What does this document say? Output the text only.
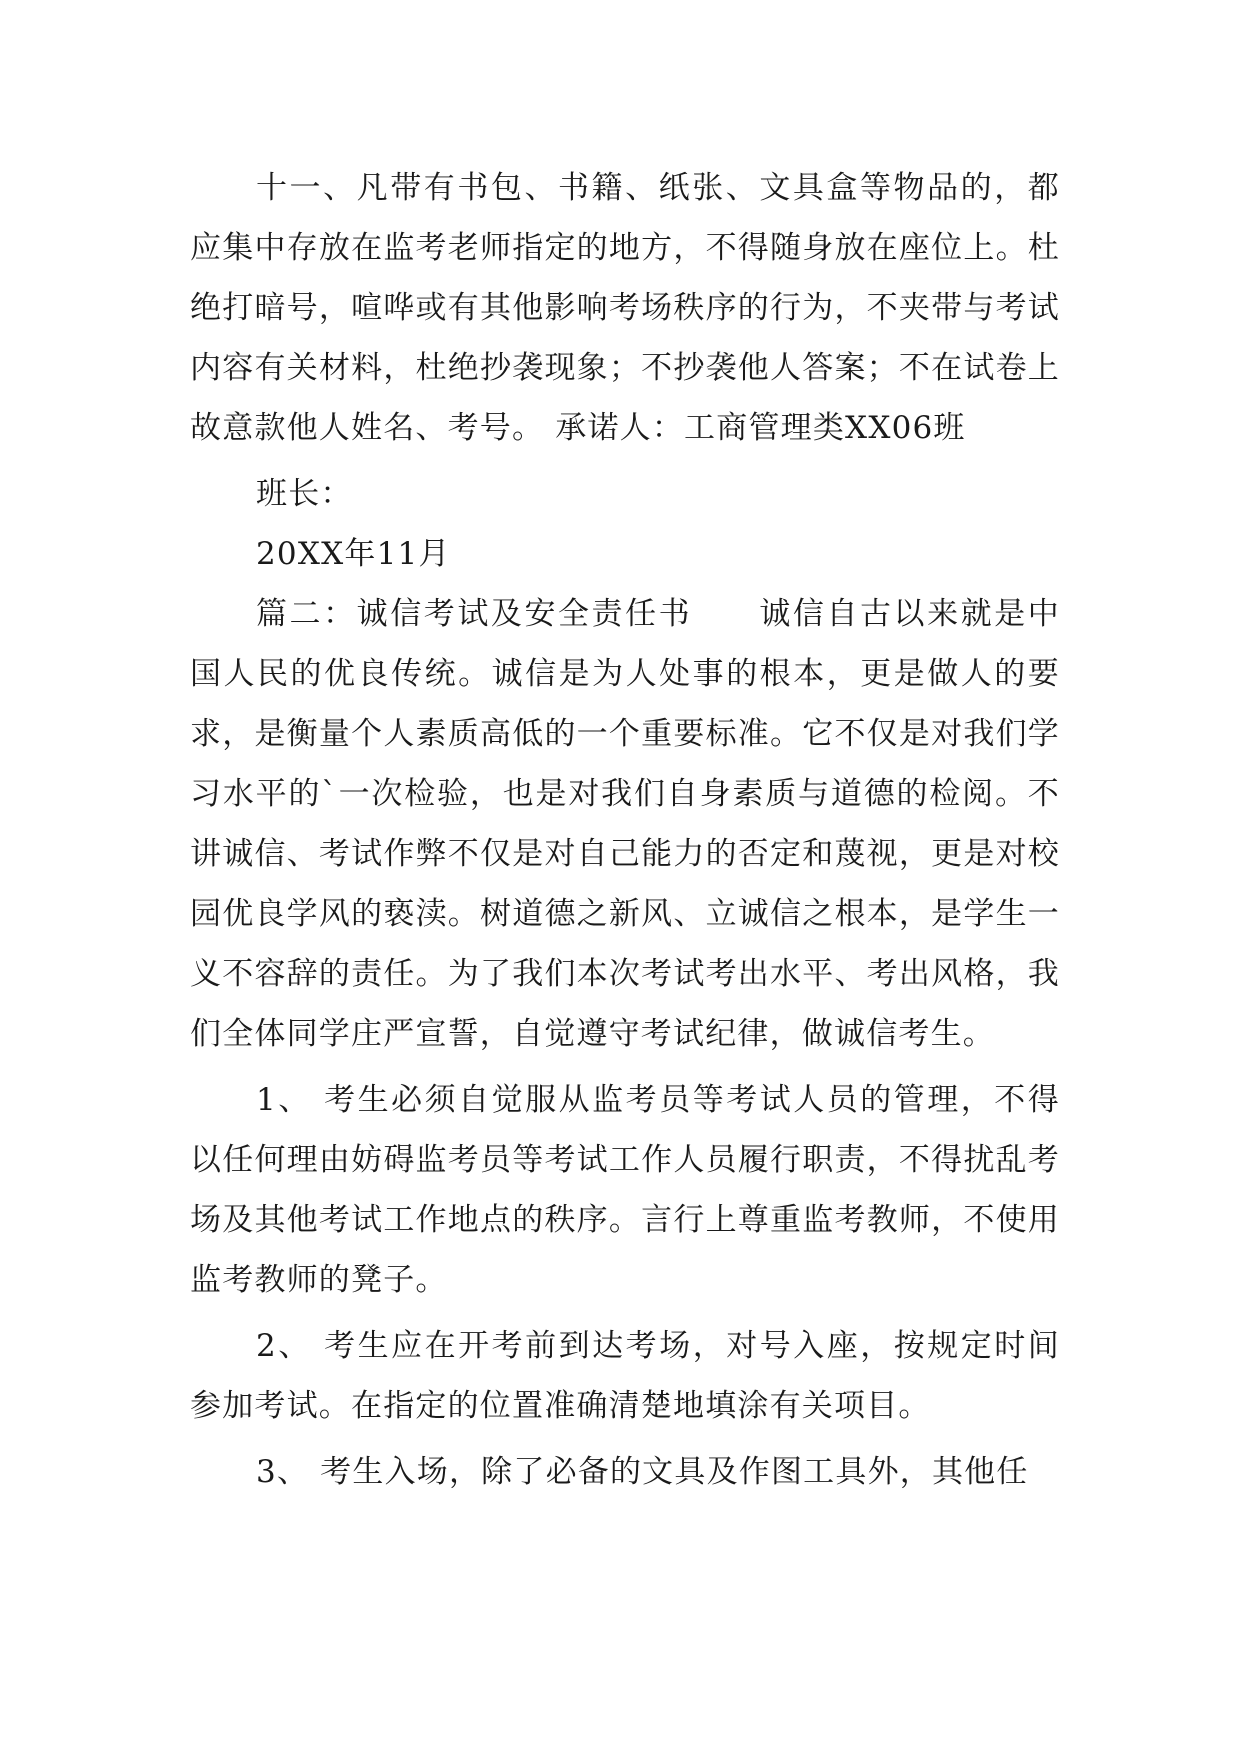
十一、凡带有书包、书籍、纸张、文具盒等物品的，都应集中存放在监考老师指定的地方，不得随身放在座位上。杜绝打暗号，喧哗或有其他影响考场秩序的行为，不夹带与考试内容有关材料，杜绝抄袭现象；不抄袭他人答案；不在试卷上故意款他人姓名、考号。 承诺人：工商管理类XX06班

班长：

20XX年11月

篇二：诚信考试及安全责任书　　诚信自古以来就是中国人民的优良传统。诚信是为人处事的根本，更是做人的要求，是衡量个人素质高低的一个重要标准。它不仅是对我们学习水平的`一次检验，也是对我们自身素质与道德的检阅。不讲诚信、考试作弊不仅是对自己能力的否定和蔑视，更是对校园优良学风的亵渎。树道德之新风、立诚信之根本，是学生一义不容辞的责任。为了我们本次考试考出水平、考出风格，我们全体同学庄严宣誓，自觉遵守考试纪律，做诚信考生。

1、 考生必须自觉服从监考员等考试人员的管理，不得以任何理由妨碍监考员等考试工作人员履行职责，不得扰乱考场及其他考试工作地点的秩序。言行上尊重监考教师，不使用监考教师的凳子。

2、 考生应在开考前到达考场，对号入座，按规定时间参加考试。在指定的位置准确清楚地填涂有关项目。

3、 考生入场，除了必备的文具及作图工具外，其他任
